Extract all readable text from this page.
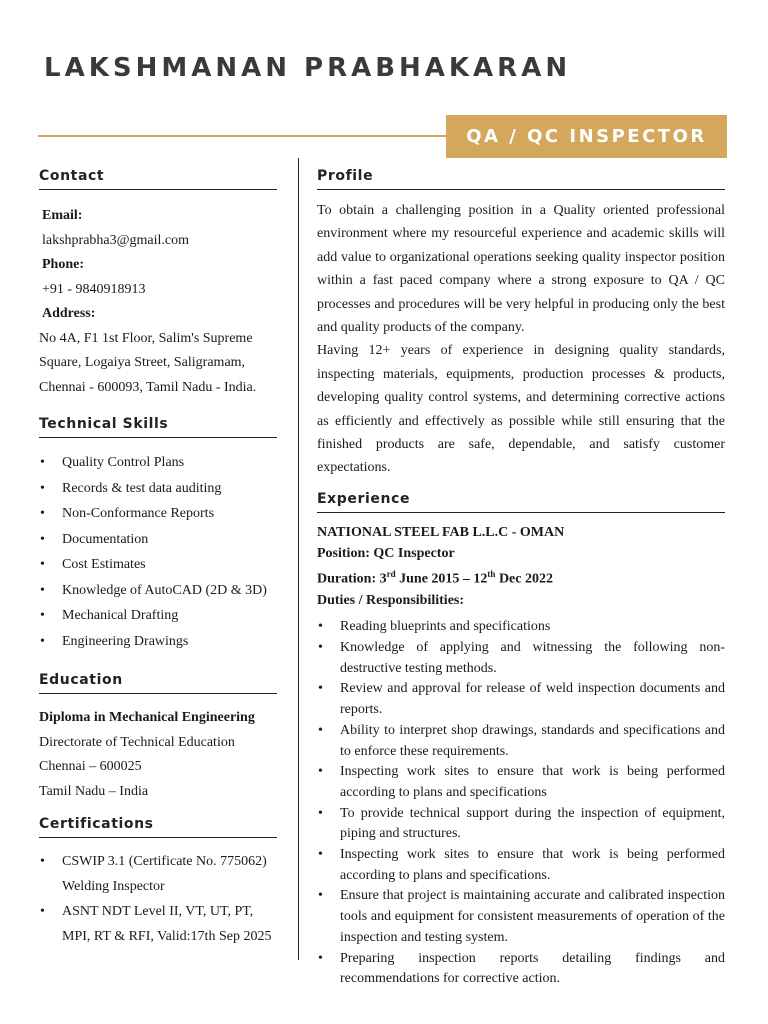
LAKSHMANAN PRABHAKARAN
QA / QC INSPECTOR
Contact
Email:
lakshprabha3@gmail.com
Phone:
+91 - 9840918913
Address:
No 4A, F1 1st Floor, Salim's Supreme
Square, Logaiya Street, Saligramam,
Chennai - 600093, Tamil Nadu - India.
Technical Skills
• Quality Control Plans
• Records & test data auditing
• Non-Conformance Reports
• Documentation
• Cost Estimates
• Knowledge of AutoCAD (2D & 3D)
• Mechanical Drafting
• Engineering Drawings
Education
Diploma in Mechanical Engineering
Directorate of Technical Education
Chennai – 600025
Tamil Nadu – India
Certifications
• CSWIP 3.1 (Certificate No. 775062)
Welding Inspector
• ASNT NDT Level II, VT, UT, PT,
MPI, RT & RFI, Valid:17th Sep 2025
Profile

To obtain a challenging position in a Quality oriented professional environment where my resourceful experience and academic skills will add value to organizational operations seeking quality inspector position within a fast paced company where a strong exposure to QA / QC processes and procedures will be very helpful in producing only the best and quality products of the company.

Having 12+ years of experience in designing quality standards, inspecting materials, equipments, production processes & products, developing quality control systems, and determining corrective actions as efficiently and effectively as possible while still ensuring that the finished products are safe, dependable, and satisfy customer expectations.

Experience
NATIONAL STEEL FAB L.L.C - OMAN
Position: QC Inspector
Duration: 3rd June 2015 – 12th Dec 2022
Duties / Responsibilities:
• Reading blueprints and specifications
• Knowledge of applying and witnessing the following non-destructive testing methods.
• Review and approval for release of weld inspection documents and reports.
• Ability to interpret shop drawings, standards and specifications and to enforce these requirements.
• Inspecting work sites to ensure that work is being performed according to plans and specifications
• To provide technical support during the inspection of equipment, piping and structures.
• Inspecting work sites to ensure that work is being performed according to plans and specifications.
• Ensure that project is maintaining accurate and calibrated inspection tools and equipment for consistent measurements of operation of the inspection and testing system.
• Preparing inspection reports detailing findings and recommendations for corrective action.
